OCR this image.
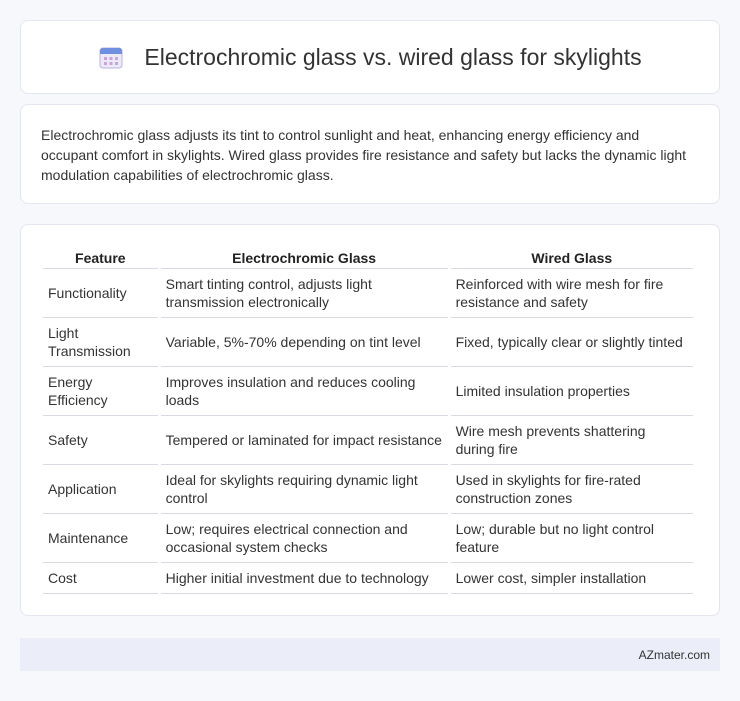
Electrochromic glass vs. wired glass for skylights

Electrochromic glass adjusts its tint to control sunlight and heat, enhancing energy efficiency and occupant comfort in skylights. Wired glass provides fire resistance and safety but lacks the dynamic light modulation capabilities of electrochromic glass.

Feature	Electrochromic Glass	Wired Glass
Functionality	Smart tinting control, adjusts light transmission electronically	Reinforced with wire mesh for fire resistance and safety
Light Transmission	Variable, 5%-70% depending on tint level	Fixed, typically clear or slightly tinted
Energy Efficiency	Improves insulation and reduces cooling loads	Limited insulation properties
Safety	Tempered or laminated for impact resistance	Wire mesh prevents shattering during fire
Application	Ideal for skylights requiring dynamic light control	Used in skylights for fire-rated construction zones
Maintenance	Low; requires electrical connection and occasional system checks	Low; durable but no light control feature
Cost	Higher initial investment due to technology	Lower cost, simpler installation
AZmater.com
